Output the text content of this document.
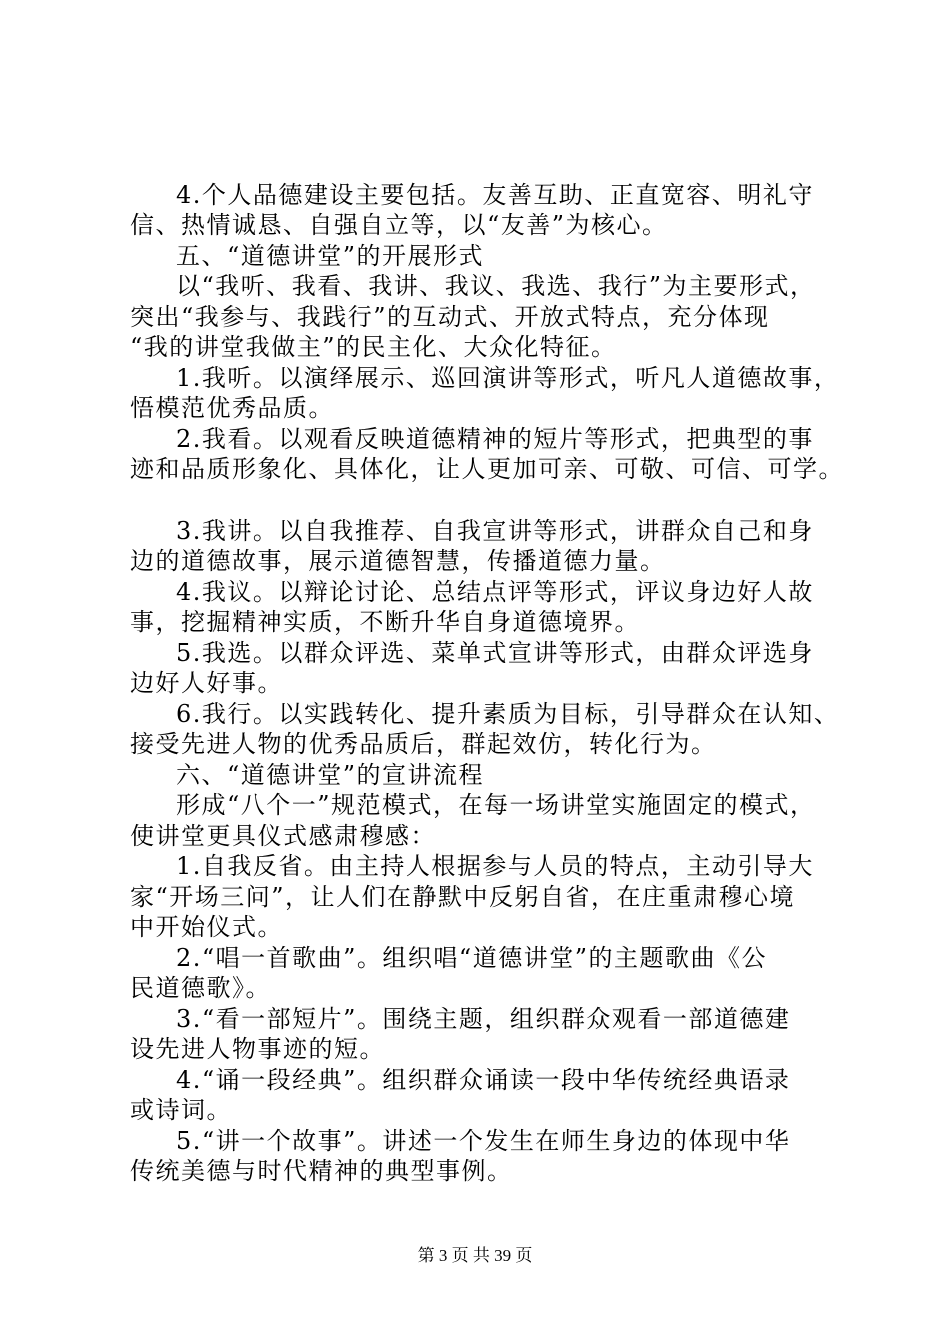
4.个人品德建设主要包括。友善互助、正直宽容、明礼守
信、热情诚恳、自强自立等，以“友善”为核心。
五、“道德讲堂”的开展形式
以“我听、我看、我讲、我议、我选、我行”为主要形式，
突出“我参与、我践行”的互动式、开放式特点，充分体现
“我的讲堂我做主”的民主化、大众化特征。
1.我听。以演绎展示、巡回演讲等形式，听凡人道德故事，
悟模范优秀品质。
2.我看。以观看反映道德精神的短片等形式，把典型的事
迹和品质形象化、具体化，让人更加可亲、可敬、可信、可学。
3.我讲。以自我推荐、自我宣讲等形式，讲群众自己和身
边的道德故事，展示道德智慧，传播道德力量。
4.我议。以辩论讨论、总结点评等形式，评议身边好人故
事，挖掘精神实质，不断升华自身道德境界。
5.我选。以群众评选、菜单式宣讲等形式，由群众评选身
边好人好事。
6.我行。以实践转化、提升素质为目标，引导群众在认知、
接受先进人物的优秀品质后，群起效仿，转化行为。
六、“道德讲堂”的宣讲流程
形成“八个一”规范模式，在每一场讲堂实施固定的模式，
使讲堂更具仪式感肃穆感：
1.自我反省。由主持人根据参与人员的特点，主动引导大
家“开场三问”，让人们在静默中反躬自省，在庄重肃穆心境
中开始仪式。
2.“唱一首歌曲”。组织唱“道德讲堂”的主题歌曲《公
民道德歌》。
3.“看一部短片”。围绕主题，组织群众观看一部道德建
设先进人物事迹的短。
4.“诵一段经典”。组织群众诵读一段中华传统经典语录
或诗词。
5.“讲一个故事”。讲述一个发生在师生身边的体现中华
传统美德与时代精神的典型事例。
第 3 页 共 39 页
